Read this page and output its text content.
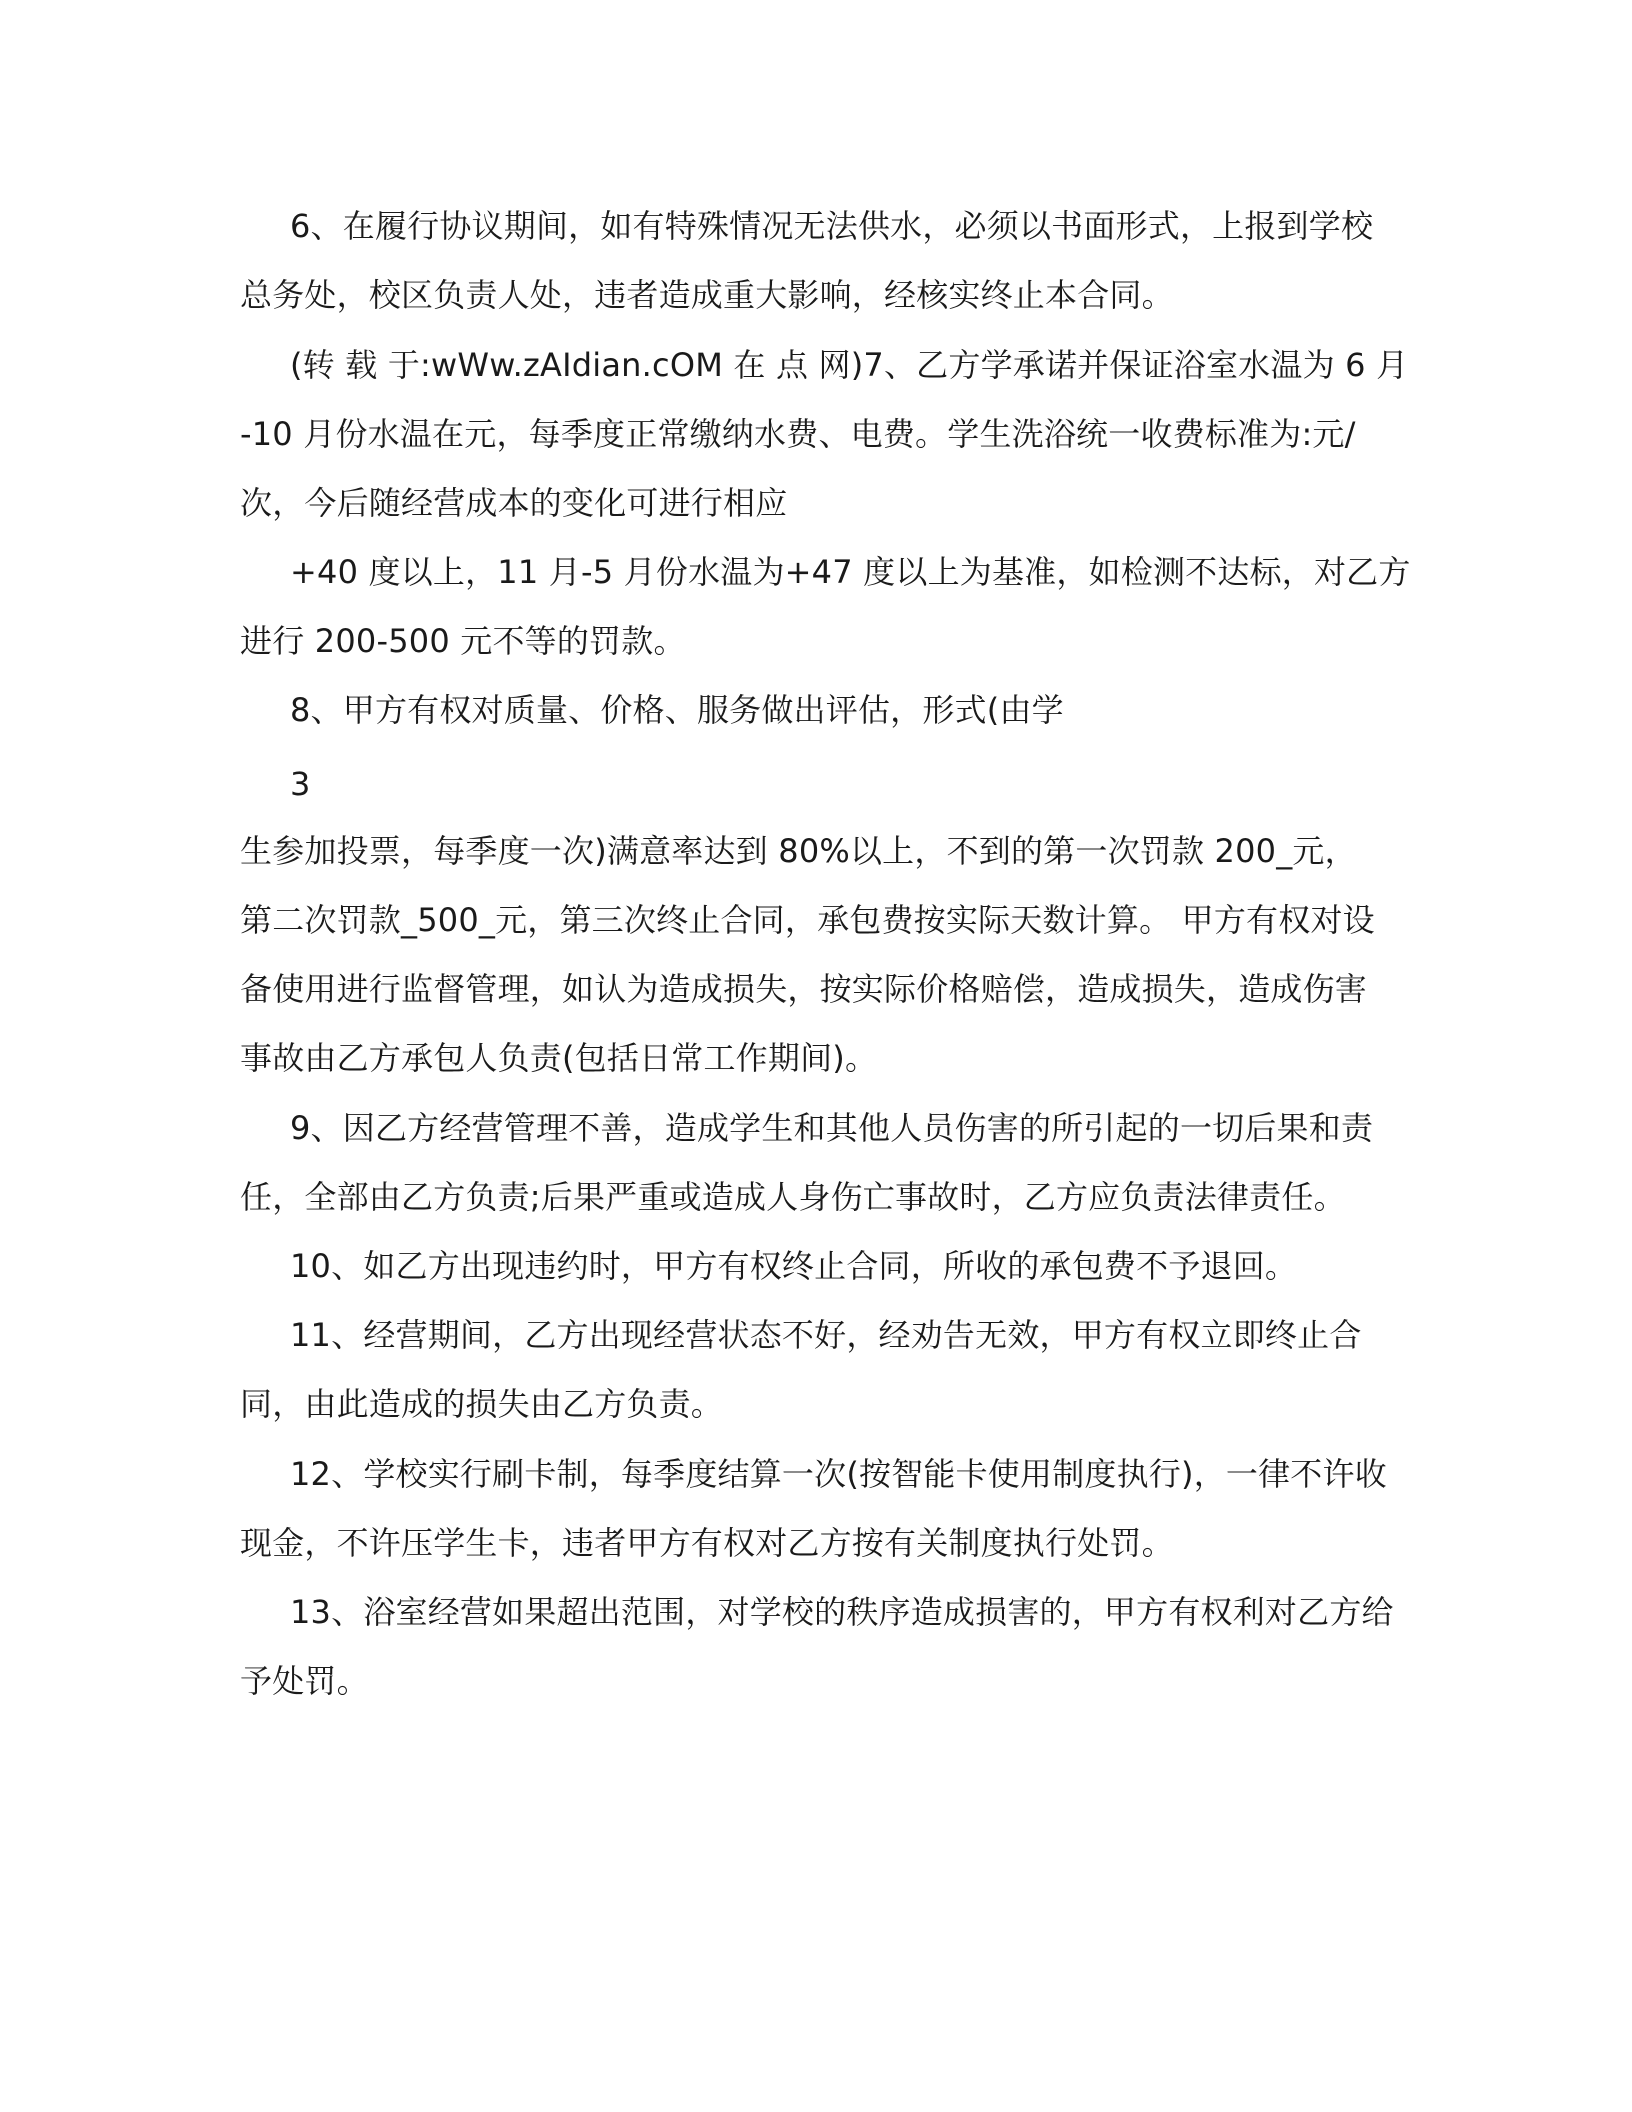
6、在履行协议期间，如有特殊情况无法供水，必须以书面形式，上报到学校
总务处，校区负责人处，违者造成重大影响，经核实终止本合同。
(转 载 于:wWw.zAIdian.cOM 在 点 网)7、乙方学承诺并保证浴室水温为 6 月
-10 月份水温在元，每季度正常缴纳水费、电费。学生洗浴统一收费标准为:元/
次，今后随经营成本的变化可进行相应
+40 度以上，11 月-5 月份水温为+47 度以上为基准，如检测不达标，对乙方
进行 200-500 元不等的罚款。
8、甲方有权对质量、价格、服务做出评估，形式(由学
3
生参加投票，每季度一次)满意率达到 80%以上，不到的第一次罚款 200_元，
第二次罚款_500_元，第三次终止合同，承包费按实际天数计算。 甲方有权对设
备使用进行监督管理，如认为造成损失，按实际价格赔偿，造成损失，造成伤害
事故由乙方承包人负责(包括日常工作期间)。
9、因乙方经营管理不善，造成学生和其他人员伤害的所引起的一切后果和责
任，全部由乙方负责;后果严重或造成人身伤亡事故时，乙方应负责法律责任。
10、如乙方出现违约时，甲方有权终止合同，所收的承包费不予退回。
11、经营期间，乙方出现经营状态不好，经劝告无效，甲方有权立即终止合
同，由此造成的损失由乙方负责。
12、学校实行刷卡制，每季度结算一次(按智能卡使用制度执行)，一律不许收
现金，不许压学生卡，违者甲方有权对乙方按有关制度执行处罚。
13、浴室经营如果超出范围，对学校的秩序造成损害的，甲方有权利对乙方给
予处罚。
